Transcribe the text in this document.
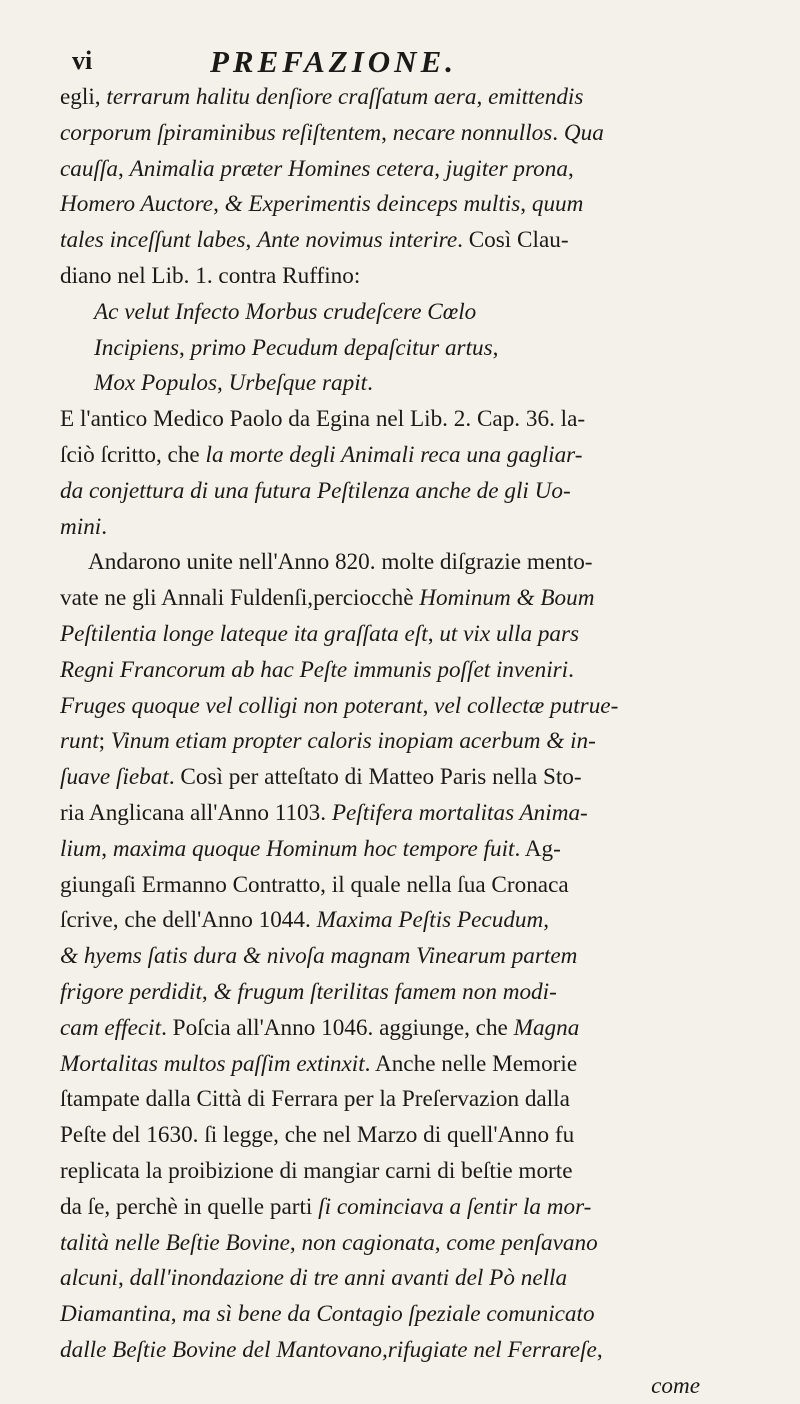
vi	PREFAZIONE.
egli, terrarum halitu denſiore craſſatum aera, emittendis
corporum ſpiraminibus reſiſtentem, necare nonnullos. Qua
cauſſa, Animalia præter Homines cetera, jugiter prona,
Homero Auctore, & Experimentis deinceps multis, quum
tales inceſſunt labes, Ante novimus interire. Così Clau-
diano nel Lib. 1. contra Ruffino:
Ac velut Infecto Morbus crudeſcere Cœlo
Incipiens, primo Pecudum depaſcitur artus,
Mox Populos, Urbeſque rapit.
E l'antico Medico Paolo da Egina nel Lib. 2. Cap. 36. la-
ſciò ſcritto, che la morte degli Animali reca una gagliar-
da conjettura di una futura Peſtilenza anche de gli Uo-
mini.
Andarono unite nell'Anno 820. molte diſgrazie mento-
vate ne gli Annali Fuldenſi,perciocchè Hominum & Boum
Peſtilentia longe lateque ita graſſata eſt, ut vix ulla pars
Regni Francorum ab hac Peſte immunis poſſet inveniri.
Fruges quoque vel colligi non poterant, vel collectæ putrue-
runt; Vinum etiam propter caloris inopiam acerbum & in-
ſuave ſiebat. Così per atteſtato di Matteo Paris nella Sto-
ria Anglicana all'Anno 1103. Peſtifera mortalitas Anima-
lium, maxima quoque Hominum hoc tempore fuit. Ag-
giungaſi Ermanno Contratto, il quale nella ſua Cronaca
ſcrive, che dell'Anno 1044. Maxima Peſtis Pecudum,
& hyems ſatis dura & nivoſa magnam Vinearum partem
frigore perdidit, & frugum ſterilitas famem non modi-
cam effecit. Poſcia all'Anno 1046. aggiunge, che Magna
Mortalitas multos paſſim extinxit. Anche nelle Memorie
ſtampate dalla Città di Ferrara per la Preſervazion dalla
Peſte del 1630. ſi legge, che nel Marzo di quell'Anno fu
replicata la proibizione di mangiar carni di beſtie morte
da ſe, perchè in quelle parti ſi cominciava a ſentir la mor-
talità nelle Beſtie Bovine, non cagionata, come penſavano
alcuni, dall'inondazione di tre anni avanti del Pò nella
Diamantina, ma sì bene da Contagio ſpeziale comunicato
dalle Beſtie Bovine del Mantovano,rifugiate nel Ferrareſe,
come
